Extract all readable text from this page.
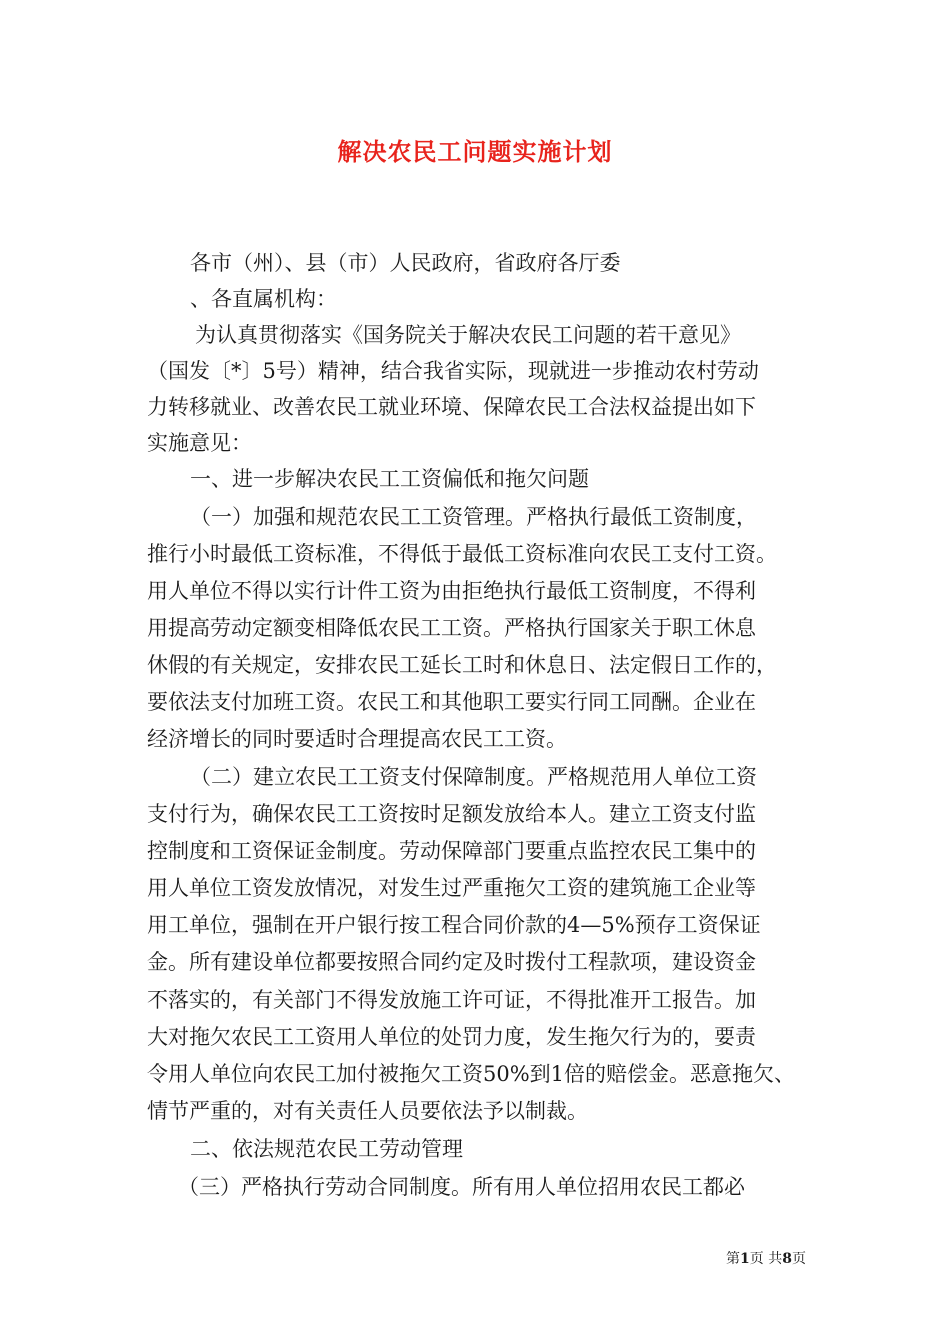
解决农民工问题实施计划
各市（州）、县（市）人民政府，省政府各厅委
、各直属机构：
为认真贯彻落实《国务院关于解决农民工问题的若干意见》
（国发〔*〕5号）精神，结合我省实际，现就进一步推动农村劳动
力转移就业、改善农民工就业环境、保障农民工合法权益提出如下
实施意见：
一、进一步解决农民工工资偏低和拖欠问题
（一）加强和规范农民工工资管理。严格执行最低工资制度，
推行小时最低工资标准，不得低于最低工资标准向农民工支付工资。
用人单位不得以实行计件工资为由拒绝执行最低工资制度，不得利
用提高劳动定额变相降低农民工工资。严格执行国家关于职工休息
休假的有关规定，安排农民工延长工时和休息日、法定假日工作的，
要依法支付加班工资。农民工和其他职工要实行同工同酬。企业在
经济增长的同时要适时合理提高农民工工资。
（二）建立农民工工资支付保障制度。严格规范用人单位工资
支付行为，确保农民工工资按时足额发放给本人。建立工资支付监
控制度和工资保证金制度。劳动保障部门要重点监控农民工集中的
用人单位工资发放情况，对发生过严重拖欠工资的建筑施工企业等
用工单位，强制在开户银行按工程合同价款的4—5%预存工资保证
金。所有建设单位都要按照合同约定及时拨付工程款项，建设资金
不落实的，有关部门不得发放施工许可证，不得批准开工报告。加
大对拖欠农民工工资用人单位的处罚力度，发生拖欠行为的，要责
令用人单位向农民工加付被拖欠工资50%到1倍的赔偿金。恶意拖欠、
情节严重的，对有关责任人员要依法予以制裁。
二、依法规范农民工劳动管理
（三）严格执行劳动合同制度。所有用人单位招用农民工都必
第1页 共8页
